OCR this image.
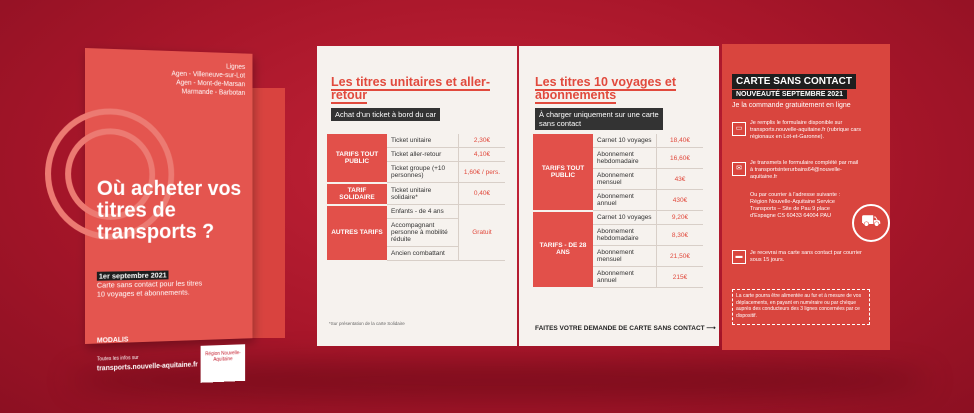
Lignes
Agen - Villeneuve-sur-Lot
Agen - Mont-de-Marsan
Marmande - Barbotan
Où acheter vos titres de transports ?
1er septembre 2021
Carte sans contact pour les titres 10 voyages et abonnements.
MODALIS
Toutes les infos sur
transports.nouvelle-aquitaine.fr
Région Nouvelle-Aquitaine
Les titres unitaires et aller-retour
Achat d'un ticket à bord du car
TARIFS TOUT PUBLIC	Ticket unitaire	2,30€
	Ticket aller-retour	4,10€
	Ticket groupe (+10 personnes)	1,60€ / pers.
TARIF SOLIDAIRE	Ticket unitaire solidaire*	0,40€
AUTRES TARIFS	Enfants - de 4 ans	Gratuit
	Accompagnant personne à mobilité réduite	
	Ancien combattant	
*Sur présentation de la carte Solidaire
Les titres 10 voyages et abonnements
À charger uniquement sur une carte sans contact
TARIFS TOUT PUBLIC	Carnet 10 voyages	18,40€
	Abonnement hebdomadaire	16,60€
	Abonnement mensuel	43€
	Abonnement annuel	430€
TARIFS - DE 28 ANS	Carnet 10 voyages	9,20€
	Abonnement hebdomadaire	8,30€
	Abonnement mensuel	21,50€
	Abonnement annuel	215€
FAITES VOTRE DEMANDE DE CARTE SANS CONTACT ⟶
CARTE SANS CONTACT
NOUVEAUTÉ SEPTEMBRE 2021
Je la commande gratuitement en ligne
▭
Je remplis le formulaire disponible sur transports.nouvelle-aquitaine.fr (rubrique cars régionaux en Lot-et-Garonne).
✉
Je transmets le formulaire complété par mail à transportsinterurbains64@nouvelle-aquitaine.fr
Ou par courrier à l'adresse suivante : Région Nouvelle-Aquitaine Service Transports – Site de Pau 9 place d'Espagne CS 60433 64004 PAU
▬	Je recevrai ma carte sans contact par courrier sous 15 jours.
⛟
La carte pourra être alimentée au fur et à mesure de vos déplacements, en payant en numéraire ou par chèque auprès des conducteurs des 3 lignes concernées par ce dispositif.
